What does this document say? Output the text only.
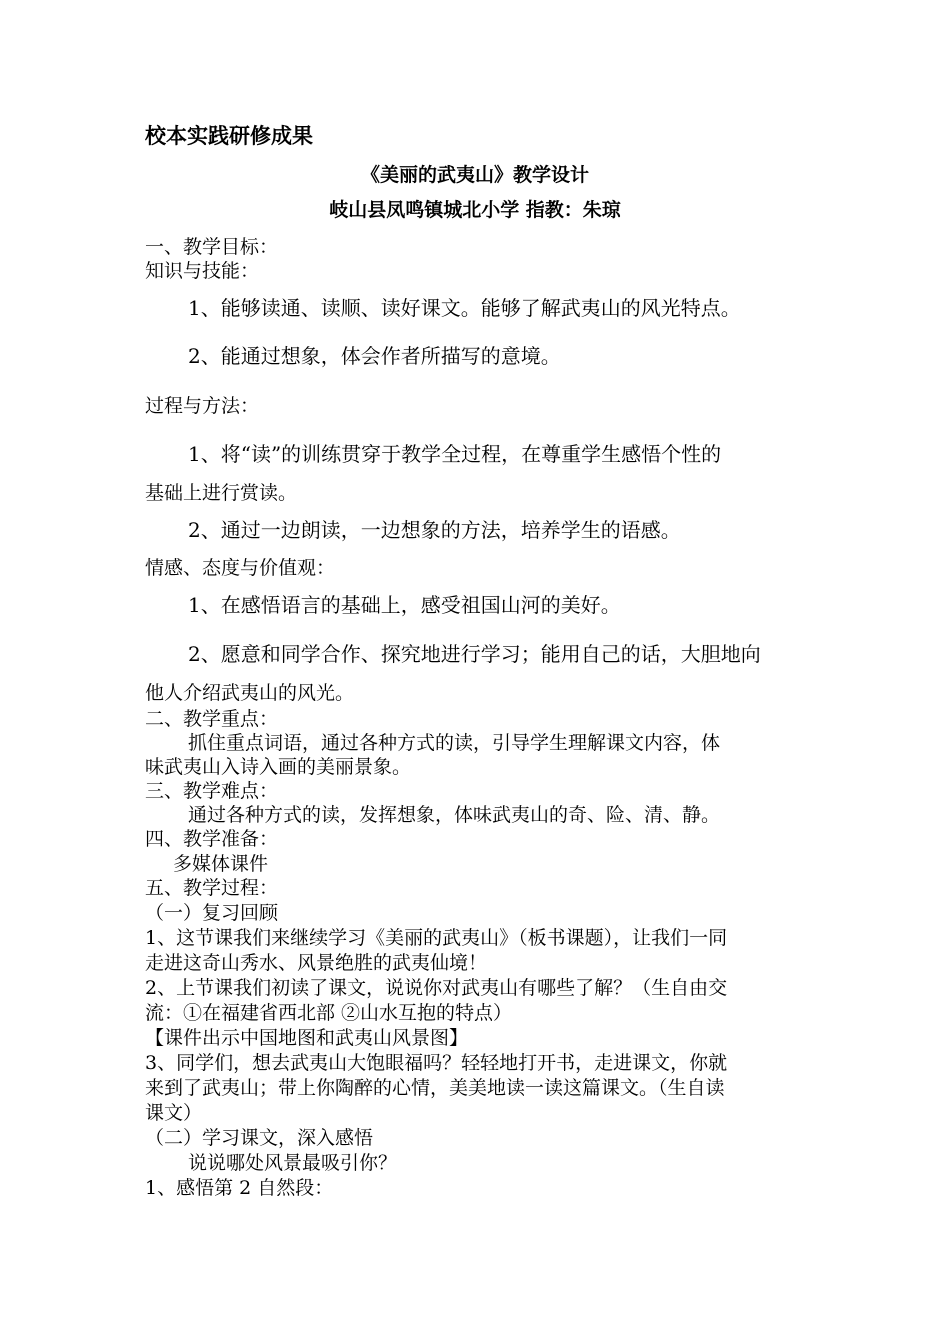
校本实践研修成果
《美丽的武夷山》教学设计
岐山县凤鸣镇城北小学 指教：朱琼
一、教学目标：
知识与技能：
1、能够读通、读顺、读好课文。能够了解武夷山的风光特点。
2、能通过想象，体会作者所描写的意境。
过程与方法：
1、将“读”的训练贯穿于教学全过程，在尊重学生感悟个性的
基础上进行赏读。
2、通过一边朗读，一边想象的方法，培养学生的语感。
情感、态度与价值观：
1、在感悟语言的基础上，感受祖国山河的美好。
2、愿意和同学合作、探究地进行学习；能用自己的话，大胆地向
他人介绍武夷山的风光。
二、教学重点：
抓住重点词语，通过各种方式的读，引导学生理解课文内容，体
味武夷山入诗入画的美丽景象。
三、教学难点：
通过各种方式的读，发挥想象，体味武夷山的奇、险、清、静。
四、教学准备：
多媒体课件
五、教学过程：
（一）复习回顾
1、这节课我们来继续学习《美丽的武夷山》（板书课题），让我们一同
走进这奇山秀水、风景绝胜的武夷仙境！
2、上节课我们初读了课文，说说你对武夷山有哪些了解？（生自由交
流：①在福建省西北部 ②山水互抱的特点）
【课件出示中国地图和武夷山风景图】
3、同学们，想去武夷山大饱眼福吗？轻轻地打开书，走进课文，你就
来到了武夷山；带上你陶醉的心情，美美地读一读这篇课文。（生自读
课文）
（二）学习课文，深入感悟
说说哪处风景最吸引你？
1、感悟第 2 自然段：
